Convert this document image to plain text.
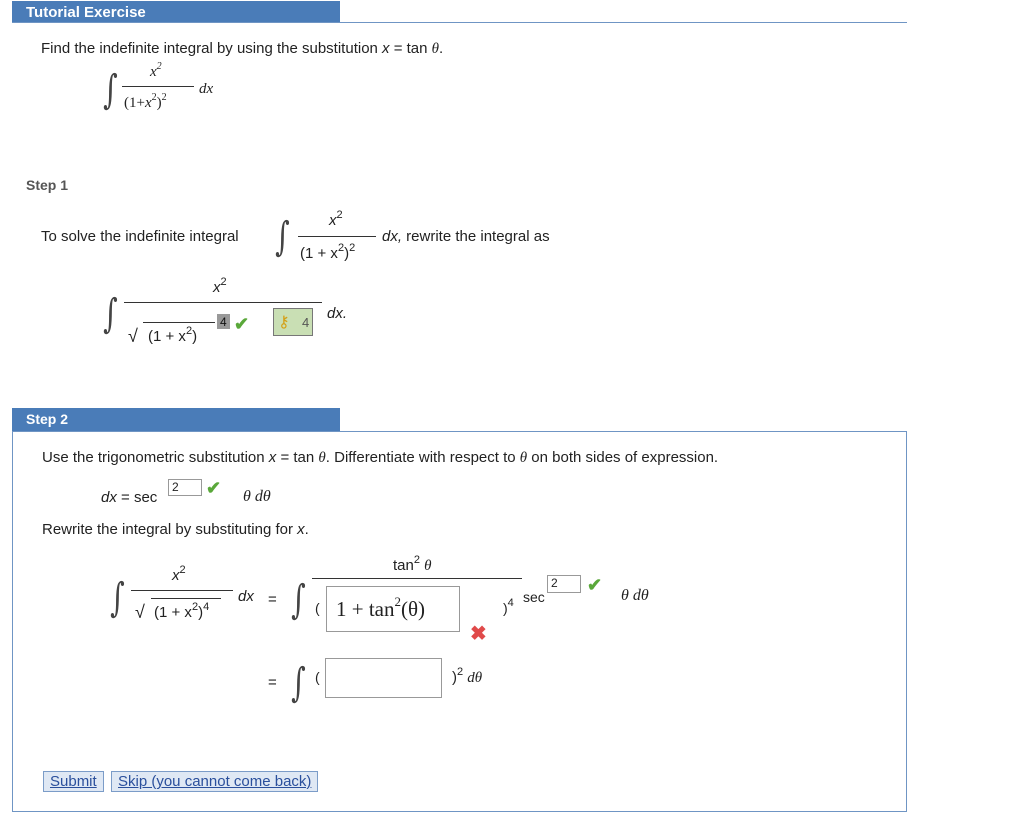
Tutorial Exercise
Find the indefinite integral by using the substitution x = tan θ.
∫ $x^2$
$(1+x^2)^2$
dx
Step 1
To solve the indefinite integral ∫	$x^2$
$(1 + x^2)^2$
dx, rewrite the integral as
∫
$x^2$
√ $(1 + x^2)$
4 ✔ ⚷ 4
dx.
Step 2
Use the trigonometric substitution x = tan θ. Differentiate with respect to θ on both sides of expression.
dx = sec
2	✔ θ dθ
Rewrite the integral by substituting for x.
∫	$x^2$
√ $(1 + x^2)^4$
dx = ∫
$\tan^2 \theta$
( $1 + \tan^2(\theta)$
✖
)$^4$ sec
2	✔
θ dθ
= ∫ (	)$^2$ dθ
Submit	Skip (you cannot come back)
